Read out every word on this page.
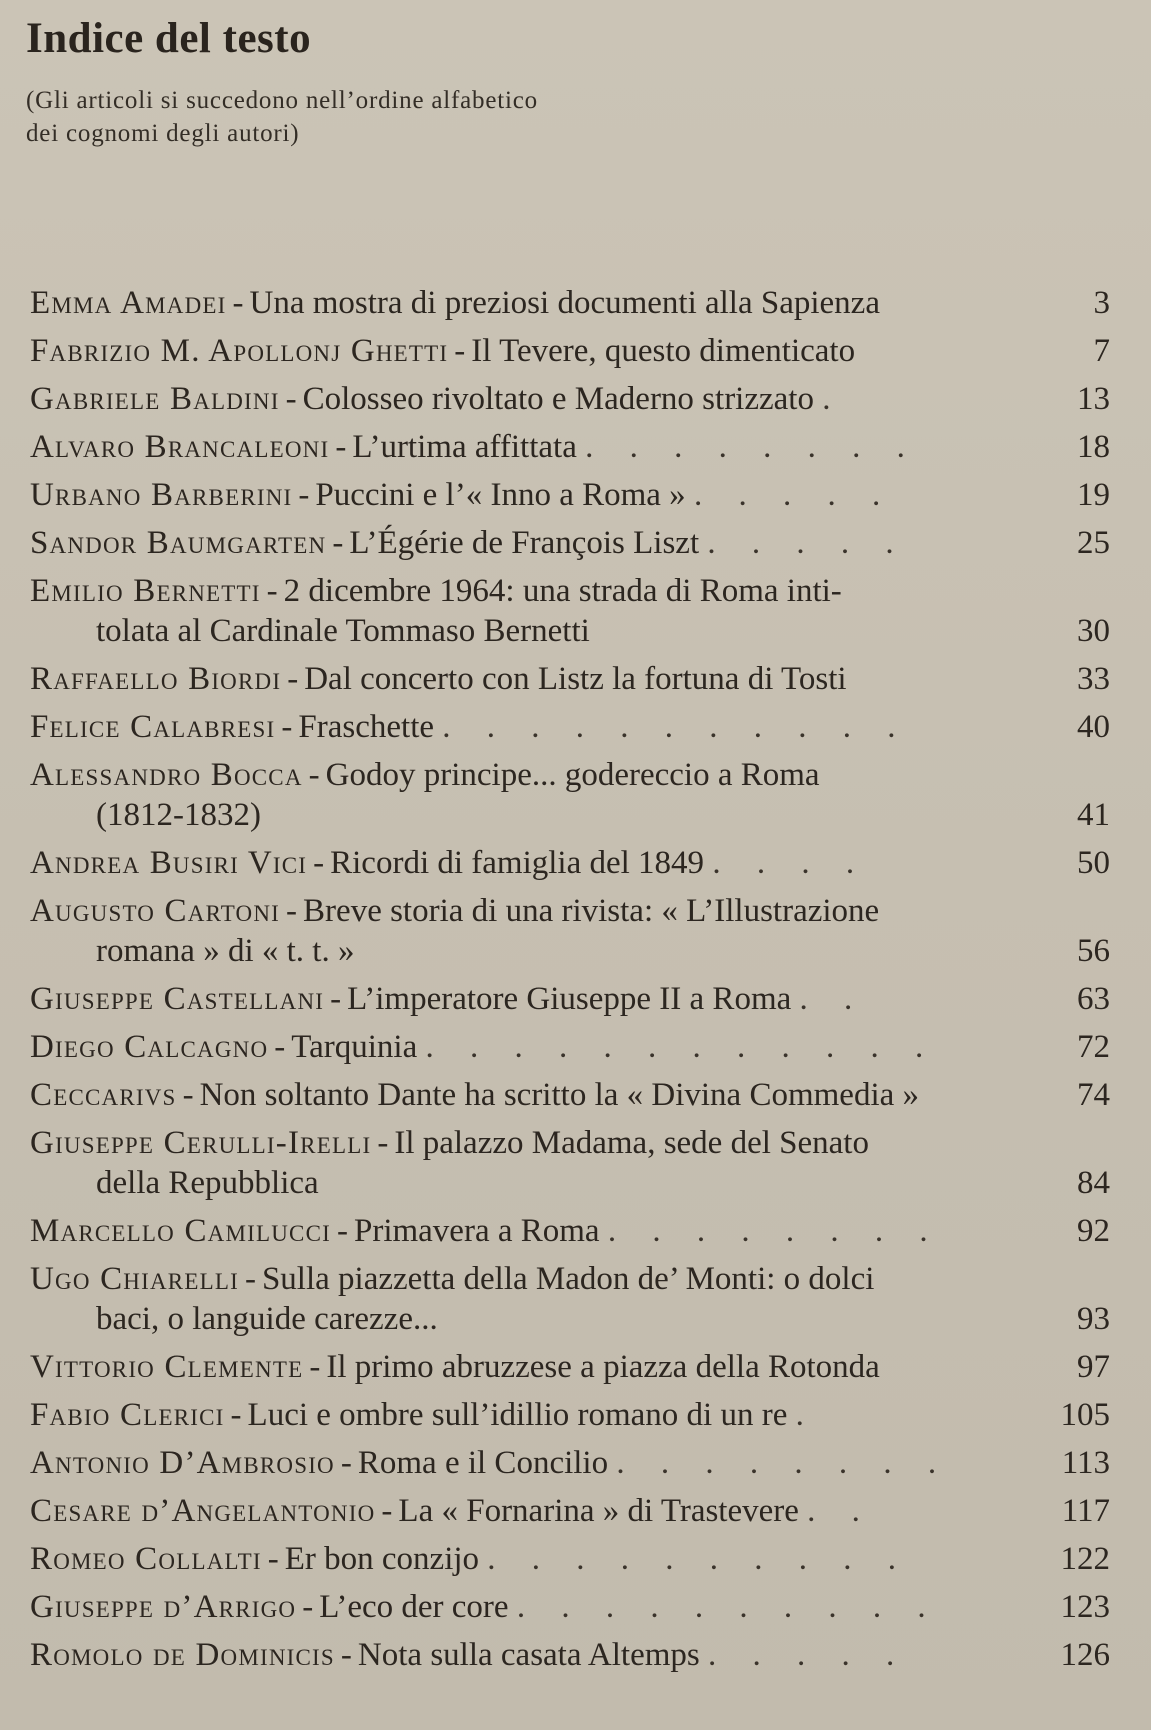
Indice del testo

(Gli articoli si succedono nell’ordine alfabetico
dei cognomi degli autori)

Emma Amadei - Una mostra di preziosi documenti alla Sapienza	3
Fabrizio M. Apollonj Ghetti - Il Tevere, questo dimenticato	7
Gabriele Baldini - Colosseo rivoltato e Maderno strizzato .	13
Alvaro Brancaleoni - L’urtima affittata . . . . . . . .	18
Urbano Barberini - Puccini e l’« Inno a Roma » . . . . .	19
Sandor Baumgarten - L’Égérie de François Liszt . . . . .	25
Emilio Bernetti - 2 dicembre 1964: una strada di Roma inti-
tolata al Cardinale Tommaso Bernetti	30
Raffaello Biordi - Dal concerto con Listz la fortuna di Tosti	33
Felice Calabresi - Fraschette . . . . . . . . . . .	40
Alessandro Bocca - Godoy principe... godereccio a Roma
(1812-1832)	41
Andrea Busiri Vici - Ricordi di famiglia del 1849 . . . .	50
Augusto Cartoni - Breve storia di una rivista: « L’Illustrazione
romana » di « t. t. »	56
Giuseppe Castellani - L’imperatore Giuseppe II a Roma . .	63
Diego Calcagno - Tarquinia . . . . . . . . . . . .	72
Ceccarivs - Non soltanto Dante ha scritto la « Divina Commedia »	74
Giuseppe Cerulli-Irelli - Il palazzo Madama, sede del Senato
della Repubblica	84
Marcello Camilucci - Primavera a Roma . . . . . . . .	92
Ugo Chiarelli - Sulla piazzetta della Madon de’ Monti: o dolci
baci, o languide carezze...	93
Vittorio Clemente - Il primo abruzzese a piazza della Rotonda	97
Fabio Clerici - Luci e ombre sull’idillio romano di un re .	105
Antonio D’Ambrosio - Roma e il Concilio . . . . . . . .	113
Cesare d’Angelantonio - La « Fornarina » di Trastevere . .	117
Romeo Collalti - Er bon conzijo . . . . . . . . . .	122
Giuseppe d’Arrigo - L’eco der core . . . . . . . . . .	123
Romolo de Dominicis - Nota sulla casata Altemps . . . . .	126
